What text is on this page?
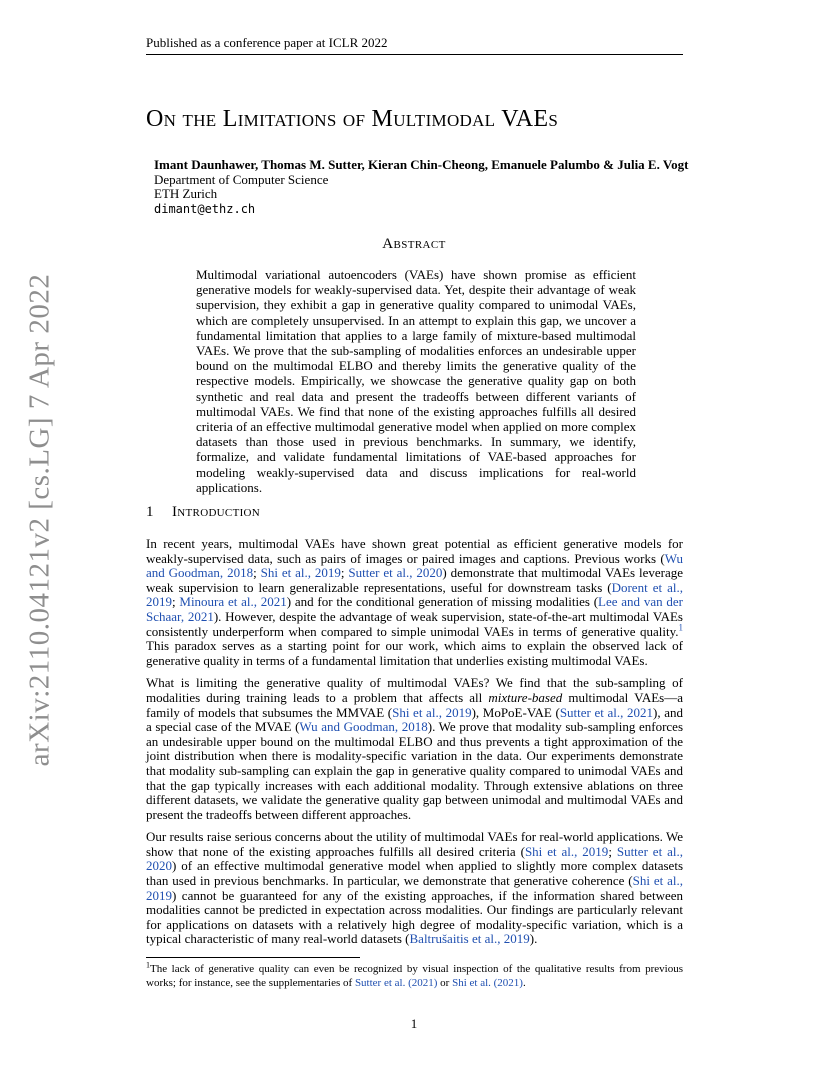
Published as a conference paper at ICLR 2022
arXiv:2110.04121v2 [cs.LG] 7 Apr 2022
On the Limitations of Multimodal VAEs
Imant Daunhawer, Thomas M. Sutter, Kieran Chin-Cheong, Emanuele Palumbo & Julia E. Vogt
Department of Computer Science
ETH Zurich
dimant@ethz.ch
Abstract
Multimodal variational autoencoders (VAEs) have shown promise as efficient generative models for weakly-supervised data. Yet, despite their advantage of weak supervision, they exhibit a gap in generative quality compared to unimodal VAEs, which are completely unsupervised. In an attempt to explain this gap, we uncover a fundamental limitation that applies to a large family of mixture-based multimodal VAEs. We prove that the sub-sampling of modalities enforces an undesirable upper bound on the multimodal ELBO and thereby limits the generative quality of the respective models. Empirically, we showcase the generative quality gap on both synthetic and real data and present the tradeoffs between different variants of multimodal VAEs. We find that none of the existing approaches fulfills all desired criteria of an effective multimodal generative model when applied on more complex datasets than those used in previous benchmarks. In summary, we identify, formalize, and validate fundamental limitations of VAE-based approaches for modeling weakly-supervised data and discuss implications for real-world applications.
1 Introduction

In recent years, multimodal VAEs have shown great potential as efficient generative models for weakly-supervised data, such as pairs of images or paired images and captions. Previous works (Wu and Goodman, 2018; Shi et al., 2019; Sutter et al., 2020) demonstrate that multimodal VAEs leverage weak supervision to learn generalizable representations, useful for downstream tasks (Dorent et al., 2019; Minoura et al., 2021) and for the conditional generation of missing modalities (Lee and van der Schaar, 2021). However, despite the advantage of weak supervision, state-of-the-art multimodal VAEs consistently underperform when compared to simple unimodal VAEs in terms of generative quality.$^1$ This paradox serves as a starting point for our work, which aims to explain the observed lack of generative quality in terms of a fundamental limitation that underlies existing multimodal VAEs.

What is limiting the generative quality of multimodal VAEs? We find that the sub-sampling of modalities during training leads to a problem that affects all mixture-based multimodal VAEs—a family of models that subsumes the MMVAE (Shi et al., 2019), MoPoE-VAE (Sutter et al., 2021), and a special case of the MVAE (Wu and Goodman, 2018). We prove that modality sub-sampling enforces an undesirable upper bound on the multimodal ELBO and thus prevents a tight approximation of the joint distribution when there is modality-specific variation in the data. Our experiments demonstrate that modality sub-sampling can explain the gap in generative quality compared to unimodal VAEs and that the gap typically increases with each additional modality. Through extensive ablations on three different datasets, we validate the generative quality gap between unimodal and multimodal VAEs and present the tradeoffs between different approaches.

Our results raise serious concerns about the utility of multimodal VAEs for real-world applications. We show that none of the existing approaches fulfills all desired criteria (Shi et al., 2019; Sutter et al., 2020) of an effective multimodal generative model when applied to slightly more complex datasets than used in previous benchmarks. In particular, we demonstrate that generative coherence (Shi et al., 2019) cannot be guaranteed for any of the existing approaches, if the information shared between modalities cannot be predicted in expectation across modalities. Our findings are particularly relevant for applications on datasets with a relatively high degree of modality-specific variation, which is a typical characteristic of many real-world datasets (Baltrušaitis et al., 2019).

$^1$The lack of generative quality can even be recognized by visual inspection of the qualitative results from previous works; for instance, see the supplementaries of Sutter et al. (2021) or Shi et al. (2021).
1
